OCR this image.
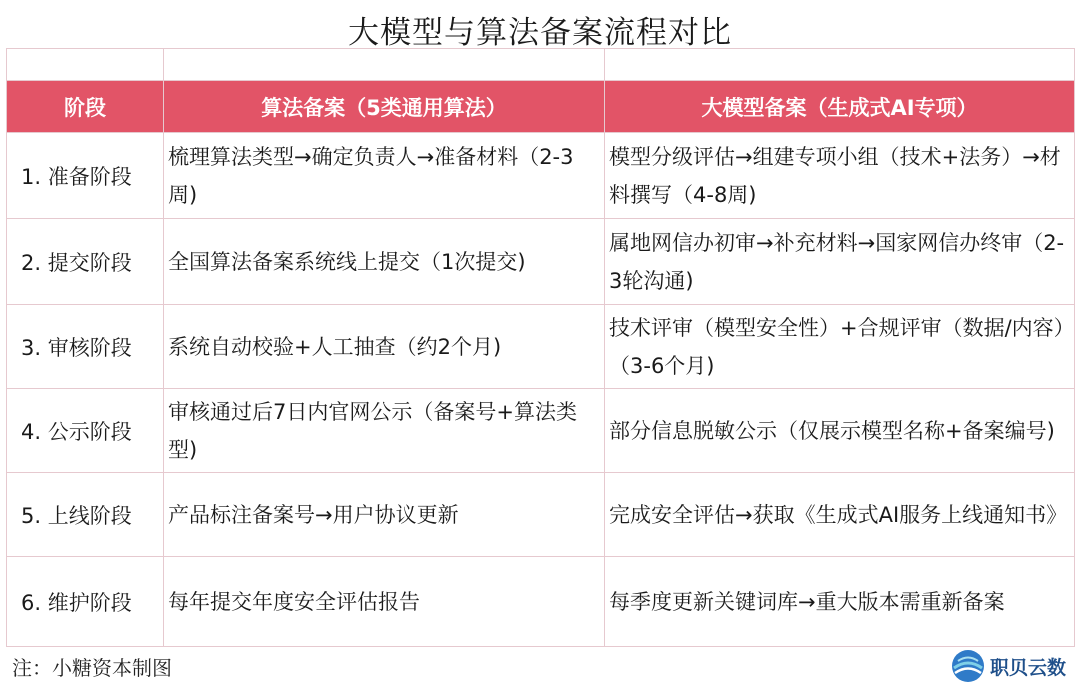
大模型与算法备案流程对比

阶段	算法备案（5类通用算法）	大模型备案（生成式AI专项）
1. 准备阶段	梳理算法类型→确定负责人→准备材料（2-3周)	模型分级评估→组建专项小组（技术+法务）→材料撰写（4-8周)
2. 提交阶段	全国算法备案系统线上提交（1次提交)	属地网信办初审→补充材料→国家网信办终审（2-3轮沟通)
3. 审核阶段	系统自动校验+人工抽查（约2个月)	技术评审（模型安全性）+合规评审（数据/内容）（3-6个月)
4. 公示阶段	审核通过后7日内官网公示（备案号+算法类型)	部分信息脱敏公示（仅展示模型名称+备案编号)
5. 上线阶段	产品标注备案号→用户协议更新	完成安全评估→获取《生成式AI服务上线通知书》
6. 维护阶段	每年提交年度安全评估报告	每季度更新关键词库→重大版本需重新备案
注：小糖资本制图	职贝云数
